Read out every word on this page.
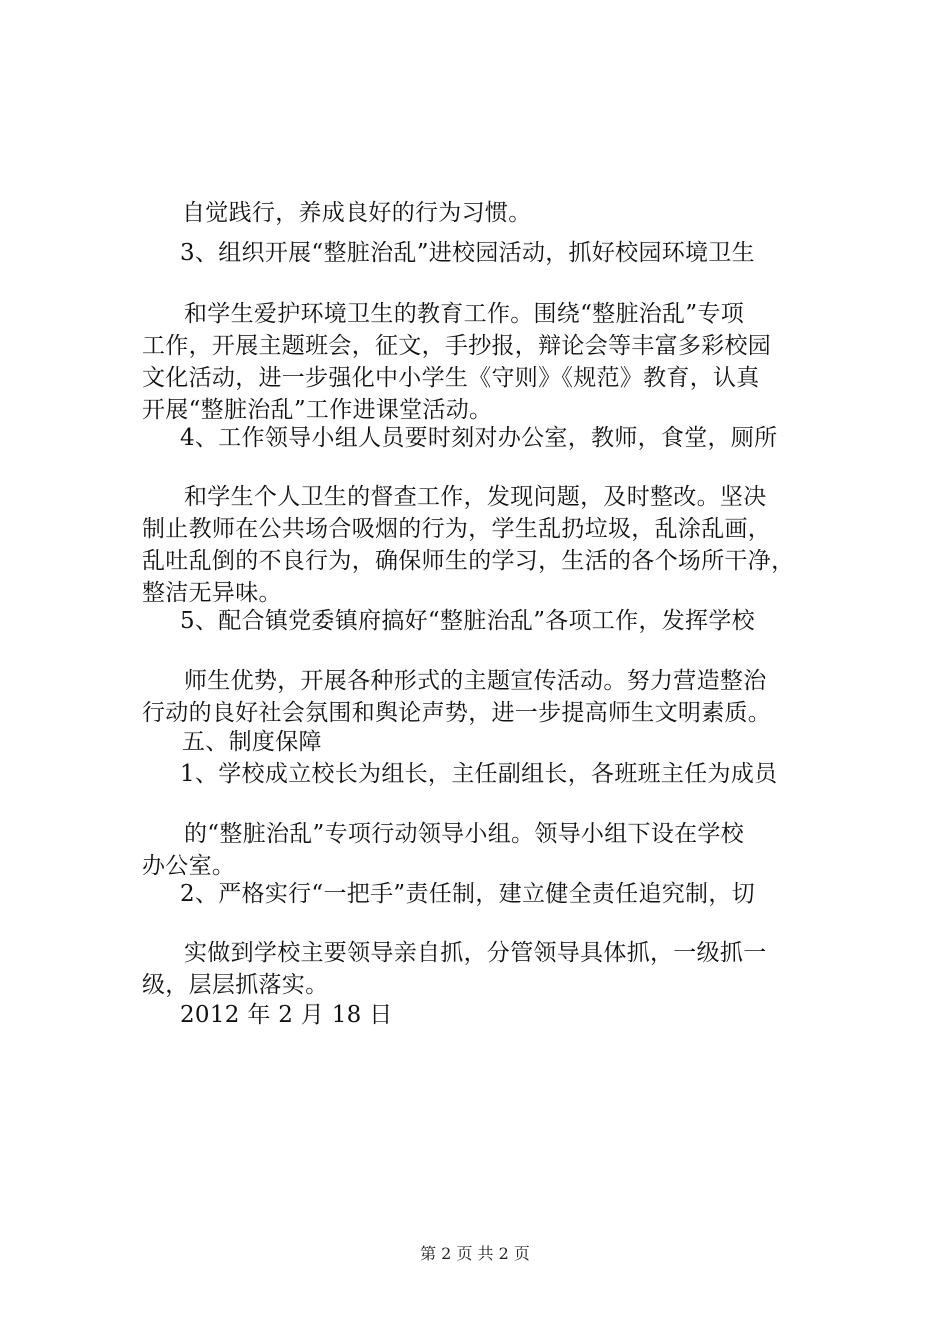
自觉践行，养成良好的行为习惯。
3、组织开展“整脏治乱”进校园活动，抓好校园环境卫生
和学生爱护环境卫生的教育工作。围绕“整脏治乱”专项
工作，开展主题班会，征文，手抄报，辩论会等丰富多彩校园
文化活动，进一步强化中小学生《守则》《规范》教育，认真
开展“整脏治乱”工作进课堂活动。
4、工作领导小组人员要时刻对办公室，教师，食堂，厕所
和学生个人卫生的督查工作，发现问题，及时整改。坚决
制止教师在公共场合吸烟的行为，学生乱扔垃圾，乱涂乱画，
乱吐乱倒的不良行为，确保师生的学习，生活的各个场所干净，
整洁无异味。
5、配合镇党委镇府搞好“整脏治乱”各项工作，发挥学校
师生优势，开展各种形式的主题宣传活动。努力营造整治
行动的良好社会氛围和舆论声势，进一步提高师生文明素质。
五、制度保障
1、学校成立校长为组长，主任副组长，各班班主任为成员
的“整脏治乱”专项行动领导小组。领导小组下设在学校
办公室。
2、严格实行“一把手”责任制，建立健全责任追究制，切
实做到学校主要领导亲自抓，分管领导具体抓，一级抓一
级，层层抓落实。
2012 年 2 月 18 日
第 2 页 共 2 页
